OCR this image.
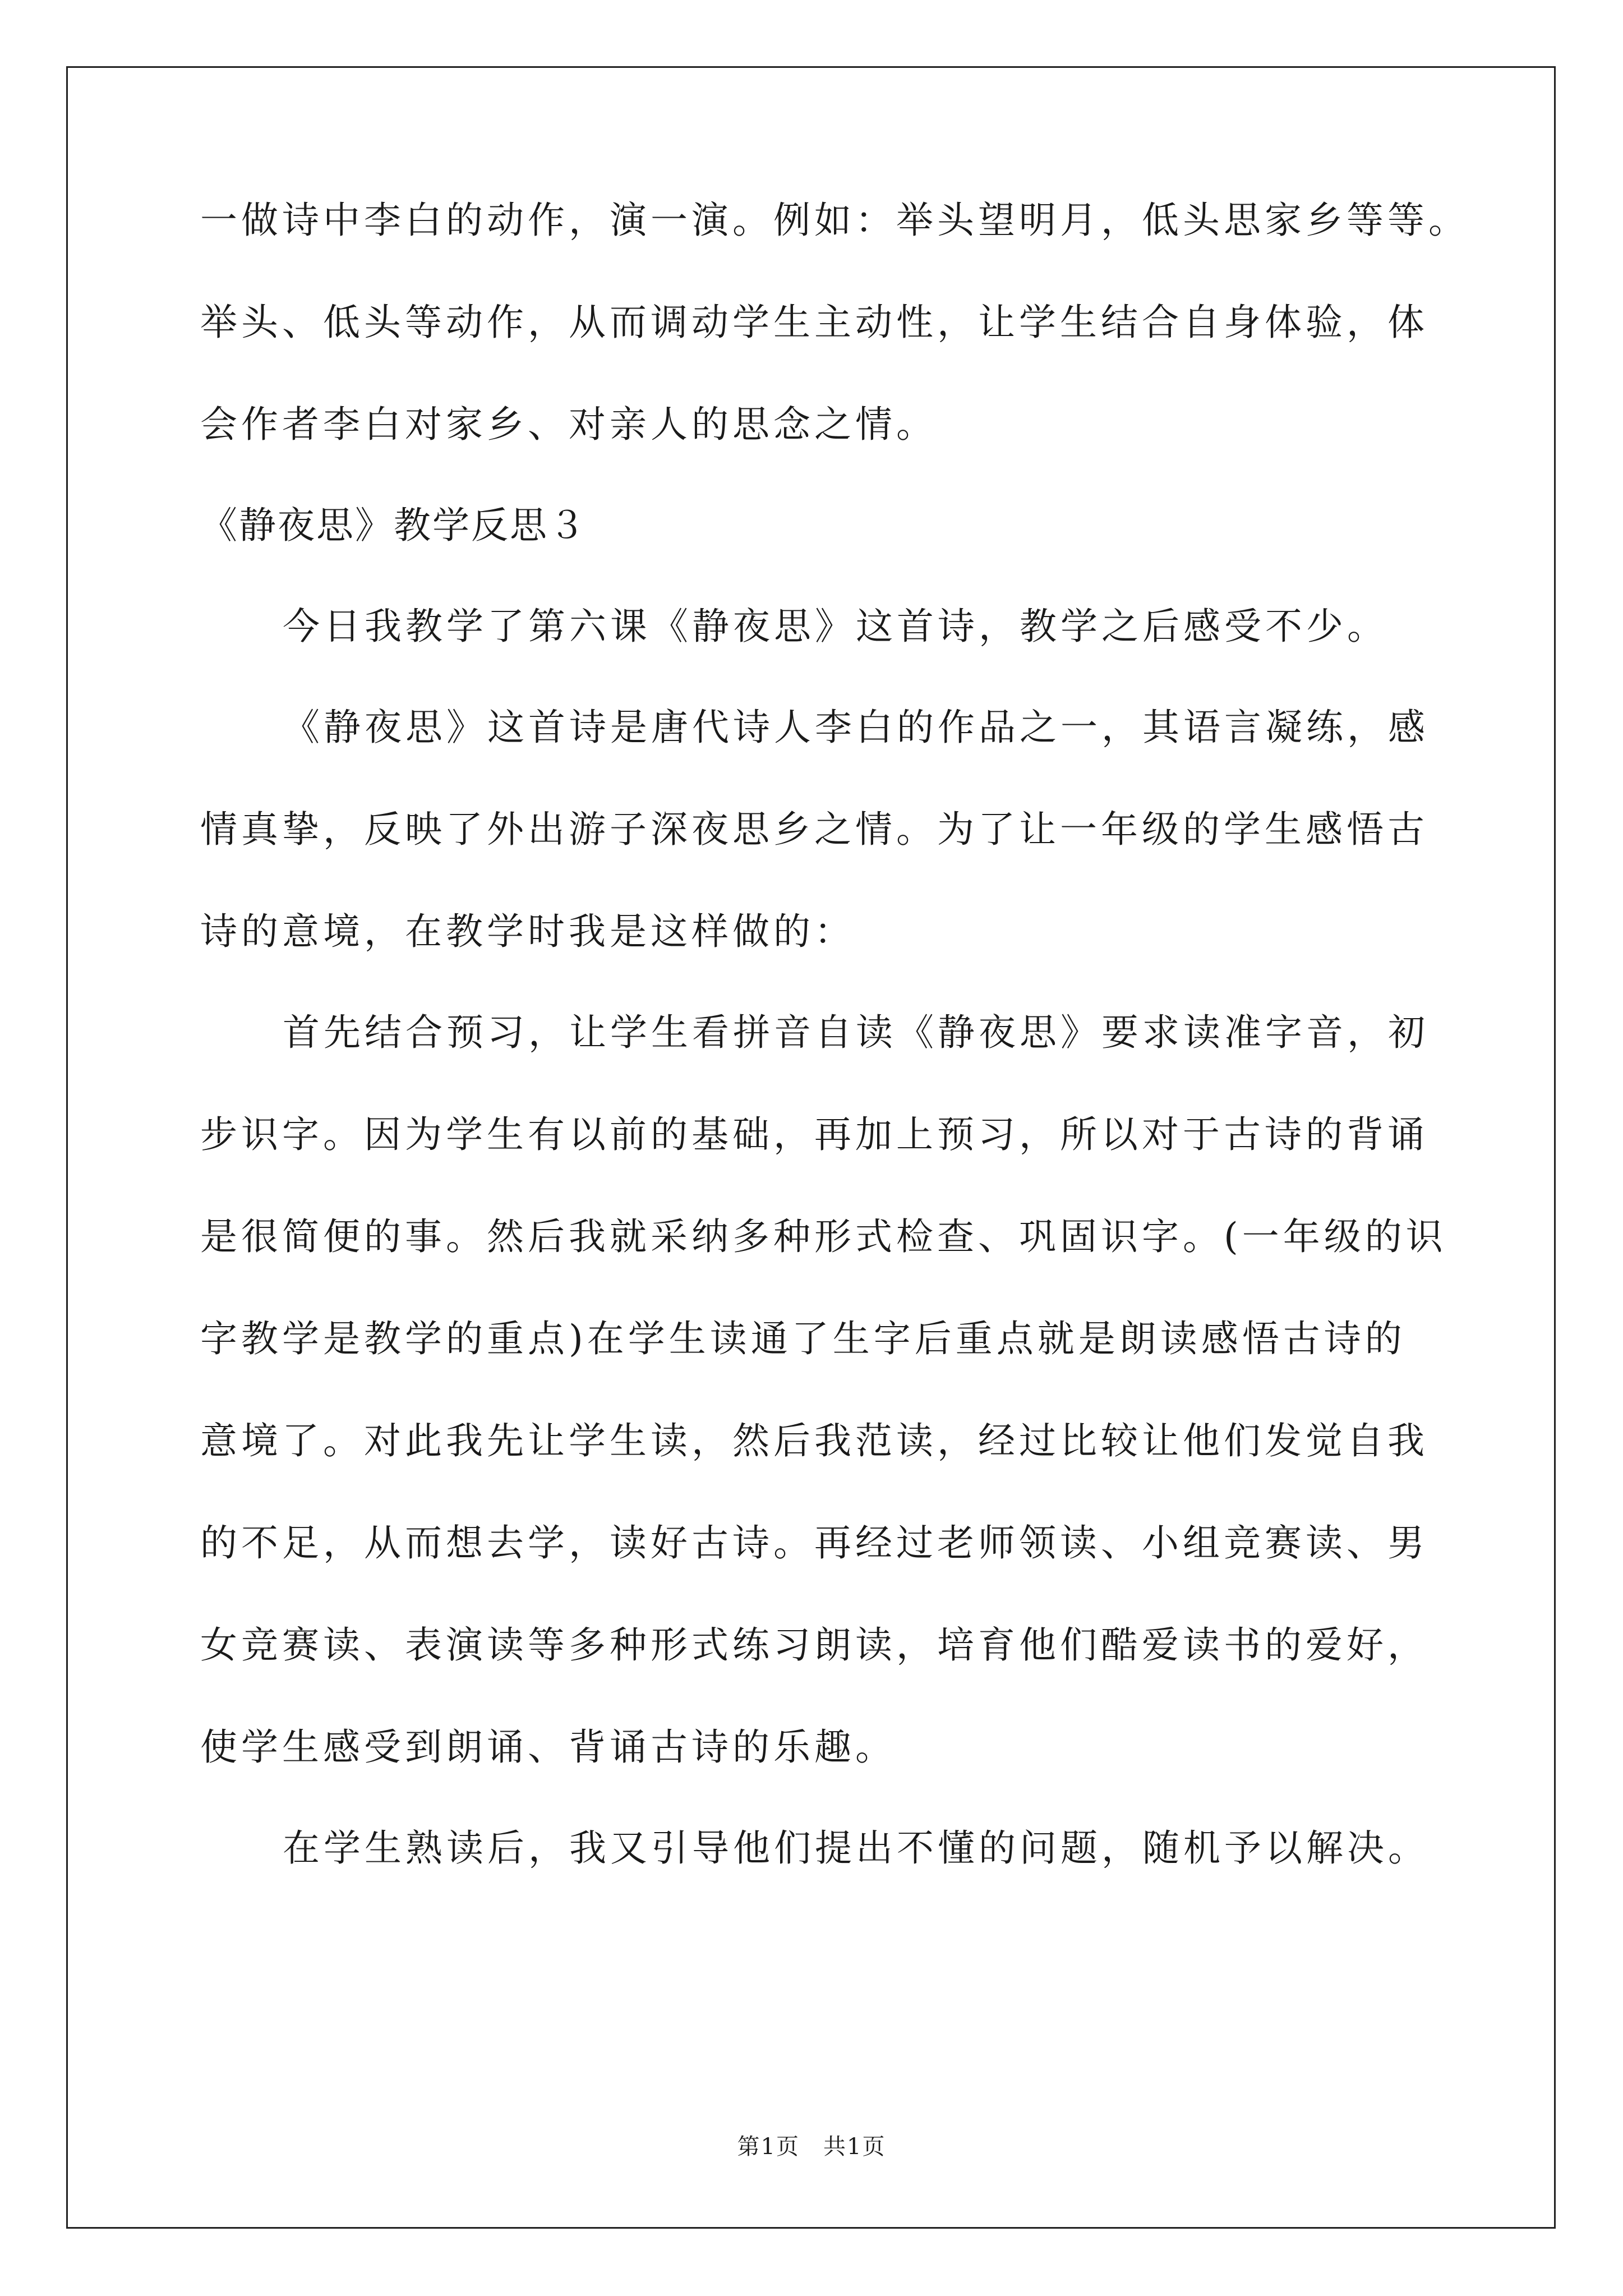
一做诗中李白的动作，演一演。例如：举头望明月，低头思家乡等等。

举头、低头等动作，从而调动学生主动性，让学生结合自身体验，体

会作者李白对家乡、对亲人的思念之情。

《静夜思》教学反思３

今日我教学了第六课《静夜思》这首诗，教学之后感受不少。

《静夜思》这首诗是唐代诗人李白的作品之一，其语言凝练，感

情真挚，反映了外出游子深夜思乡之情。为了让一年级的学生感悟古

诗的意境，在教学时我是这样做的：

首先结合预习，让学生看拼音自读《静夜思》要求读准字音，初

步识字。因为学生有以前的基础，再加上预习，所以对于古诗的背诵

是很简便的事。然后我就采纳多种形式检查、巩固识字。(一年级的识

字教学是教学的重点)在学生读通了生字后重点就是朗读感悟古诗的

意境了。对此我先让学生读，然后我范读，经过比较让他们发觉自我

的不足，从而想去学，读好古诗。再经过老师领读、小组竞赛读、男

女竞赛读、表演读等多种形式练习朗读，培育他们酷爱读书的爱好，

使学生感受到朗诵、背诵古诗的乐趣。

在学生熟读后，我又引导他们提出不懂的问题，随机予以解决。

第1页　共1页
